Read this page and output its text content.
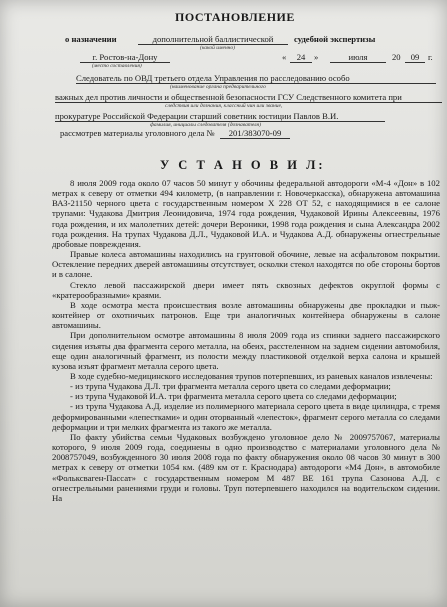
ПОСТАНОВЛЕНИЕ
о назначении	дополнительной баллистической	судебной экспертизы
(какой именно)
г. Ростов-на-Дону
(место составления)
«	24	»	июля	20	09	г.
Следователь по ОВД третьего отдела Управления по расследованию особо
(наименование органа предварительного
важных дел против личности и общественной безопасности ГСУ Следственного комитета при
следствия или дознания, классный чин или звание,
прокуратуре Российской Федерации старший советник юстиции Павлов В.И.
фамилия, инициалы следователя (дознавателя)
рассмотрев материалы уголовного дела №	201/383070-09
У С Т А Н О В И Л:

8 июля 2009 года около 07 часов 50 минут у обочины федеральной автодороги «М-4 «Дон» в 102 метрах к северу от отметки 494 километр, (в направлении г. Новочеркасска), обнаружена автомашина ВАЗ-21150 черного цвета с государственным номером Х 228 ОТ 52, с находящимися в ее салоне трупами: Чудакова Дмитрия Леонидовича, 1974 года рождения, Чудаковой Ирины Алексеевны, 1976 года рождения, и их малолетних детей: дочери Вероники, 1998 года рождения и сына Александра 2002 года рождения. На трупах Чудакова Д.Л., Чудаковой И.А. и Чудакова А.Д. обнаружены огнестрельные дробовые повреждения.

Правые колеса автомашины находились на грунтовой обочине, левые на асфальтовом покрытии. Остекление передних дверей автомашины отсутствует, осколки стекол находятся по обе стороны бортов и в салоне.

Стекло левой пассажирской двери имеет пять сквозных дефектов округлой формы с «кратерообразными» краями.

В ходе осмотра места происшествия возле автомашины обнаружены две прокладки и пыж-контейнер от охотничьих патронов. Еще три аналогичных контейнера обнаружены в салоне автомашины.

При дополнительном осмотре автомашины 8 июля 2009 года из спинки заднего пассажирского сидения изъяты два фрагмента серого металла, на обеих, расстеленном на заднем сидении автомобиля, еще один аналогичный фрагмент, из полости между пластиковой отделкой верха салона и крышей кузова изъят фрагмент металла серого цвета.

В ходе судебно-медицинского исследования трупов потерпевших, из раневых каналов извлечены:

- из трупа Чудакова Д.Л. три фрагмента металла серого цвета со следами деформации;

- из трупа Чудаковой И.А. три фрагмента металла серого цвета со следами деформации;

- из трупа Чудакова А.Д. изделие из полимерного материала серого цвета в виде цилиндра, с тремя деформированными «лепестками» и один оторванный «лепесток», фрагмент серого металла со следами деформации и три мелких фрагмента из такого же металла.

По факту убийства семьи Чудаковых возбуждено уголовное дело № 2009757067, материалы которого, 9 июля 2009 года, соединены в одно производство с материалами уголовного дела № 2008757049, возбужденного 30 июля 2008 года по факту обнаружения около 08 часов 30 минут в 300 метрах к северу от отметки 1054 км. (489 км от г. Краснодара) автодороги «М4 Дон», в автомобиле «Фольксваген-Пассат» с государственным номером М 487 ВЕ 161 трупа Сазонова А.Д. с огнестрельными ранениями груди и головы. Труп потерпевшего находился на водительском сидении. На
